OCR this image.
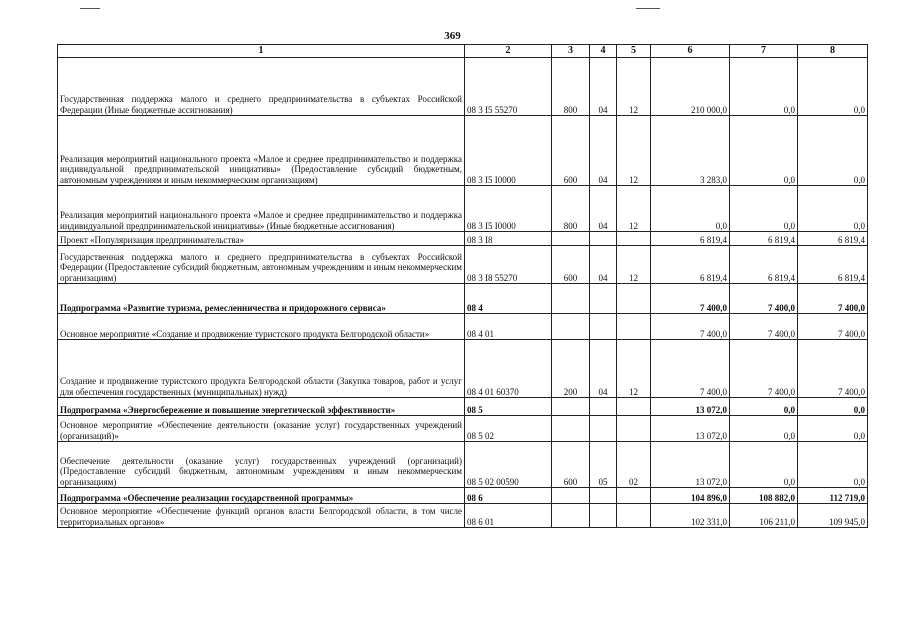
369
1	2	3	4	5	6	7	8
Государственная поддержка малого и среднего предпринимательства в субъектах Российской Федерации (Иные бюджетные ассигнования)	08 3 I5 55270	800	04	12	210 000,0	0,0	0,0
Реализация мероприятий национального проекта «Малое и среднее предпринимательство и поддержка индивидуальной предпринимательской инициативы» (Предоставление субсидий бюджетным, автономным учреждениям и иным некоммерческим организациям)	08 3 I5 I0000	600	04	12	3 283,0	0,0	0,0
Реализация мероприятий национального проекта «Малое и среднее предпринимательство и поддержка индивидуальной предпринимательской инициативы» (Иные бюджетные ассигнования)	08 3 I5 I0000	800	04	12	0,0	0,0	0,0
Проект «Популяризация предпринимательства»	08 3 I8				6 819,4	6 819,4	6 819,4
Государственная поддержка малого и среднего предпринимательства в субъектах Российской Федерации (Предоставление субсидий бюджетным, автономным учреждениям и иным некоммерческим организациям)	08 3 I8 55270	600	04	12	6 819,4	6 819,4	6 819,4
Подпрограмма «Развитие туризма, ремесленничества и придорожного сервиса»	08 4				7 400,0	7 400,0	7 400,0
Основное мероприятие «Создание и продвижение туристского продукта Белгородской области»	08 4 01				7 400,0	7 400,0	7 400,0
Создание и продвижение туристского продукта Белгородской области (Закупка товаров, работ и услуг для обеспечения государственных (муниципальных) нужд)	08 4 01 60370	200	04	12	7 400,0	7 400,0	7 400,0
Подпрограмма «Энергосбережение и повышение энергетической эффективности»	08 5				13 072,0	0,0	0,0
Основное мероприятие «Обеспечение деятельности (оказание услуг) государственных учреждений (организаций)»	08 5 02				13 072,0	0,0	0,0
Обеспечение деятельности (оказание услуг) государственных учреждений (организаций) (Предоставление субсидий бюджетным, автономным учреждениям и иным некоммерческим организациям)	08 5 02 00590	600	05	02	13 072,0	0,0	0,0
Подпрограмма «Обеспечение реализации государственной программы»	08 6				104 896,0	108 882,0	112 719,0
Основное мероприятие «Обеспечение функций органов власти Белгородской области, в том числе территориальных органов»	08 6 01				102 331,0	106 211,0	109 945,0
